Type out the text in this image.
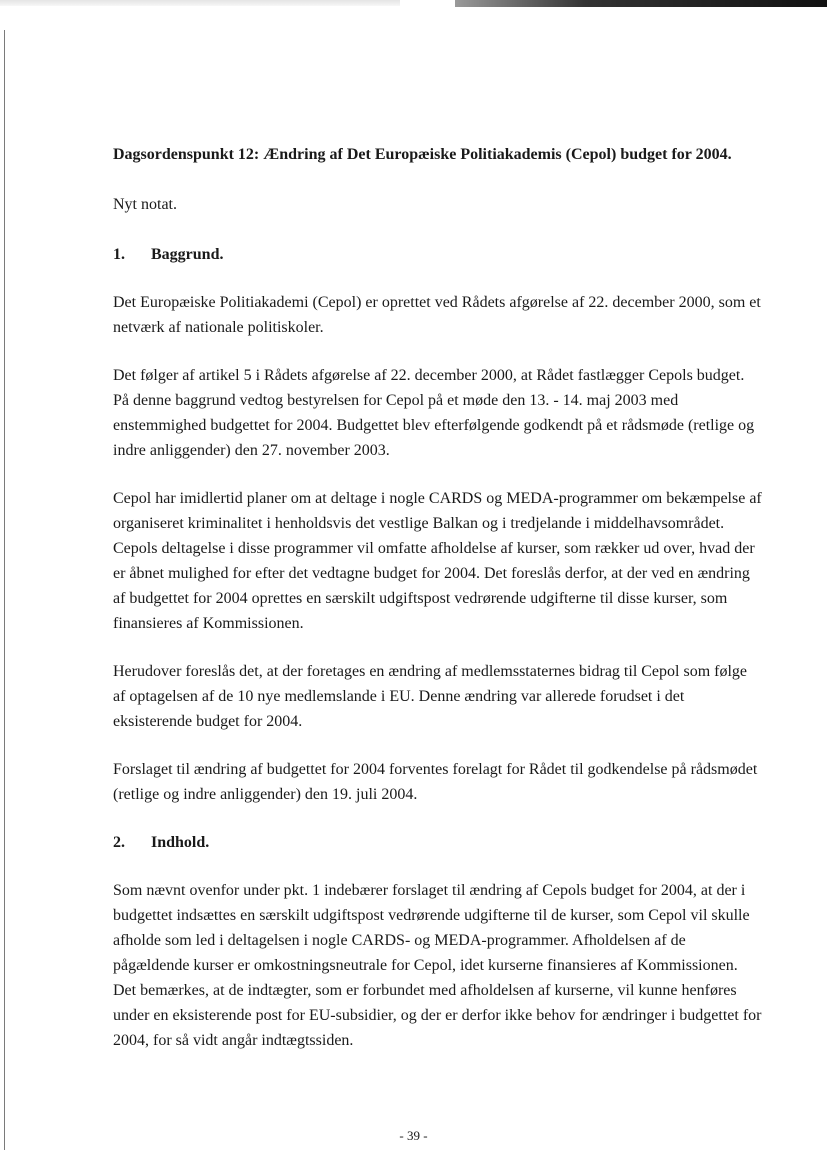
Dagsordenspunkt 12: Ændring af Det Europæiske Politiakademis (Cepol) budget for 2004.

Nyt notat.

1.	Baggrund.

Det Europæiske Politiakademi (Cepol) er oprettet ved Rådets afgørelse af 22. december 2000, som et netværk af nationale politiskoler.

Det følger af artikel 5 i Rådets afgørelse af 22. december 2000, at Rådet fastlægger Cepols budget. På denne baggrund vedtog bestyrelsen for Cepol på et møde den 13. - 14. maj 2003 med enstemmighed budgettet for 2004. Budgettet blev efterfølgende godkendt på et rådsmøde (retlige og indre anliggender) den 27. november 2003.

Cepol har imidlertid planer om at deltage i nogle CARDS og MEDA-programmer om bekæmpelse af organiseret kriminalitet i henholdsvis det vestlige Balkan og i tredjelande i middelhavsområdet. Cepols deltagelse i disse programmer vil omfatte afholdelse af kurser, som rækker ud over, hvad der er åbnet mulighed for efter det vedtagne budget for 2004. Det foreslås derfor, at der ved en ændring af budgettet for 2004 oprettes en særskilt udgiftspost vedrørende udgifterne til disse kurser, som finansieres af Kommissionen.

Herudover foreslås det, at der foretages en ændring af medlemsstaternes bidrag til Cepol som følge af optagelsen af de 10 nye medlemslande i EU. Denne ændring var allerede forudset i det eksisterende budget for 2004.

Forslaget til ændring af budgettet for 2004 forventes forelagt for Rådet til godkendelse på rådsmødet (retlige og indre anliggender) den 19. juli 2004.

2.	Indhold.

Som nævnt ovenfor under pkt. 1 indebærer forslaget til ændring af Cepols budget for 2004, at der i budgettet indsættes en særskilt udgiftspost vedrørende udgifterne til de kurser, som Cepol vil skulle afholde som led i deltagelsen i nogle CARDS- og MEDA-programmer. Afholdelsen af de pågældende kurser er omkostningsneutrale for Cepol, idet kurserne finansieres af Kommissionen. Det bemærkes, at de indtægter, som er forbundet med afholdelsen af kurserne, vil kunne henføres under en eksisterende post for EU-subsidier, og der er derfor ikke behov for ændringer i budgettet for 2004, for så vidt angår indtægtssiden.

- 39 -
